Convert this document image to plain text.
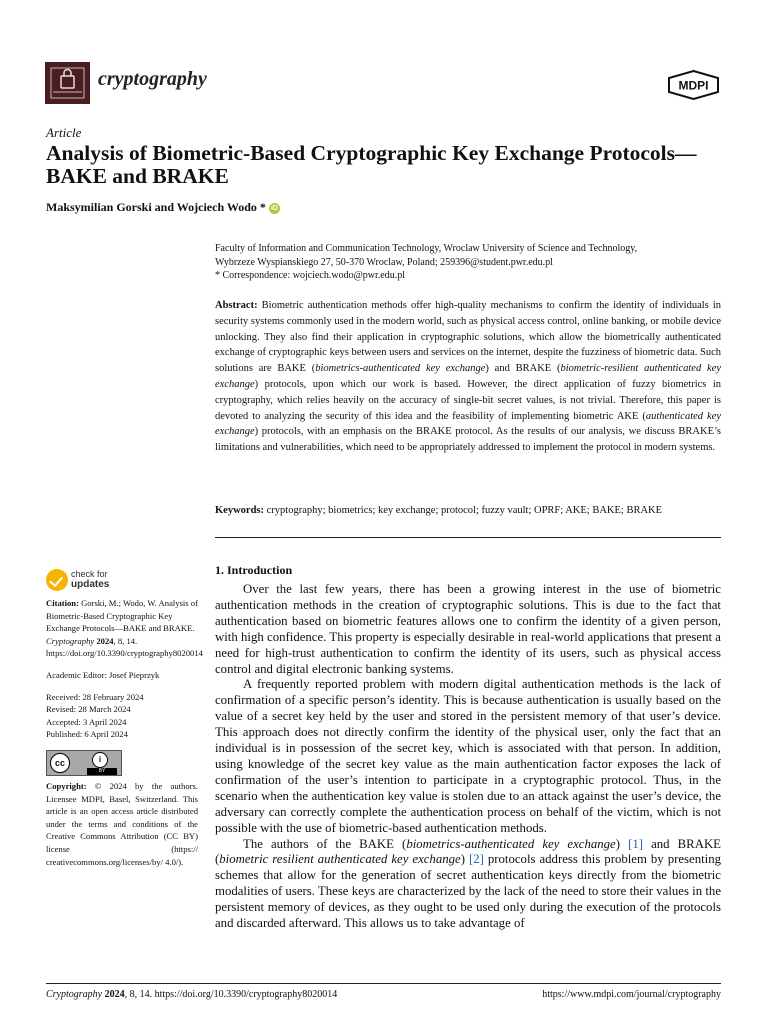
cryptography	MDPI
Article
Analysis of Biometric-Based Cryptographic Key Exchange Protocols—BAKE and BRAKE
Maksymilian Gorski and Wojciech Wodo * iD
Faculty of Information and Communication Technology, Wroclaw University of Science and Technology,
Wybrzeze Wyspianskiego 27, 50-370 Wroclaw, Poland; 259396@student.pwr.edu.pl
* Correspondence: wojciech.wodo@pwr.edu.pl
Abstract: Biometric authentication methods offer high-quality mechanisms to confirm the identity of individuals in security systems commonly used in the modern world, such as physical access control, online banking, or mobile device unlocking. They also find their application in cryptographic solutions, which allow the biometrically authenticated exchange of cryptographic keys between users and services on the internet, despite the fuzziness of biometric data. Such solutions are BAKE (biometrics-authenticated key exchange) and BRAKE (biometric-resilient authenticated key exchange) protocols, upon which our work is based. However, the direct application of fuzzy biometrics in cryptography, which relies heavily on the accuracy of single-bit secret values, is not trivial. Therefore, this paper is devoted to analyzing the security of this idea and the feasibility of implementing biometric AKE (authenticated key exchange) protocols, with an emphasis on the BRAKE protocol. As the results of our analysis, we discuss BRAKE’s limitations and vulnerabilities, which need to be appropriately addressed to implement the protocol in modern systems.
Keywords: cryptography; biometrics; key exchange; protocol; fuzzy vault; OPRF; AKE; BAKE; BRAKE
check for
updates
Citation: Gorski, M.; Wodo, W. Analysis of Biometric-Based Cryptographic Key Exchange Protocols—BAKE and BRAKE. Cryptography 2024, 8, 14. https://doi.org/10.3390/cryptography8020014
Academic Editor: Josef Pieprzyk
Received: 28 February 2024
Revised: 28 March 2024
Accepted: 3 April 2024
Published: 6 April 2024
cc	i
BY
Copyright: © 2024 by the authors. Licensee MDPI, Basel, Switzerland. This article is an open access article distributed under the terms and conditions of the Creative Commons Attribution (CC BY) license (https:// creativecommons.org/licenses/by/ 4.0/).
1. Introduction

Over the last few years, there has been a growing interest in the use of biometric authentication methods in the creation of cryptographic solutions. This is due to the fact that authentication based on biometric features allows one to confirm the identity of a given person, with high confidence. This property is especially desirable in real-world applications that present a need for high-trust authentication to confirm the identity of its users, such as physical access control and digital electronic banking systems.

A frequently reported problem with modern digital authentication methods is the lack of confirmation of a specific person’s identity. This is because authentication is usually based on the value of a secret key held by the user and stored in the persistent memory of that user’s device. This approach does not directly confirm the identity of the physical user, only the fact that an individual is in possession of the secret key, which is associated with that person. In addition, using knowledge of the secret key value as the main authentication factor exposes the lack of confirmation of the user’s intention to participate in a cryptographic protocol. Thus, in the scenario when the authentication key value is stolen due to an attack against the user’s device, the adversary can correctly complete the authentication process on behalf of the victim, which is not possible with the use of biometric-based authentication methods.

The authors of the BAKE (biometrics-authenticated key exchange) [1] and BRAKE (biometric resilient authenticated key exchange) [2] protocols address this problem by presenting schemes that allow for the generation of secret authentication keys directly from the biometric modalities of users. These keys are characterized by the lack of the need to store their values in the persistent memory of devices, as they ought to be used only during the execution of the protocols and discarded afterward. This allows us to take advantage of

Cryptography 2024, 8, 14. https://doi.org/10.3390/cryptography8020014	https://www.mdpi.com/journal/cryptography
